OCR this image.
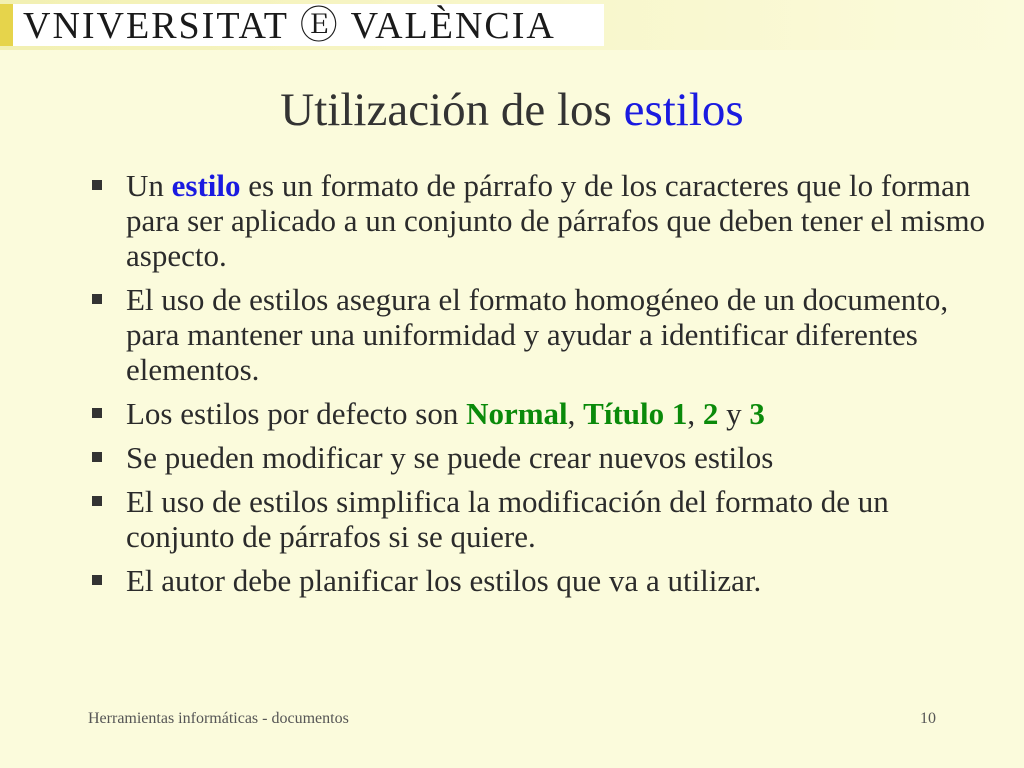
VNIVERSITAT Ⓔ VALÈNCIA
Utilización de los estilos
Un estilo es un formato de párrafo y de los caracteres que lo forman para ser aplicado a un conjunto de párrafos que deben tener el mismo aspecto.
El uso de estilos asegura el formato homogéneo de un documento, para mantener una uniformidad y ayudar a identificar diferentes elementos.
Los estilos por defecto son Normal, Título 1, 2 y 3
Se pueden modificar y se puede crear nuevos estilos
El uso de estilos simplifica la modificación del formato de un conjunto de párrafos si se quiere.
El autor debe planificar los estilos que va a utilizar.
Herramientas informáticas - documentos	10
